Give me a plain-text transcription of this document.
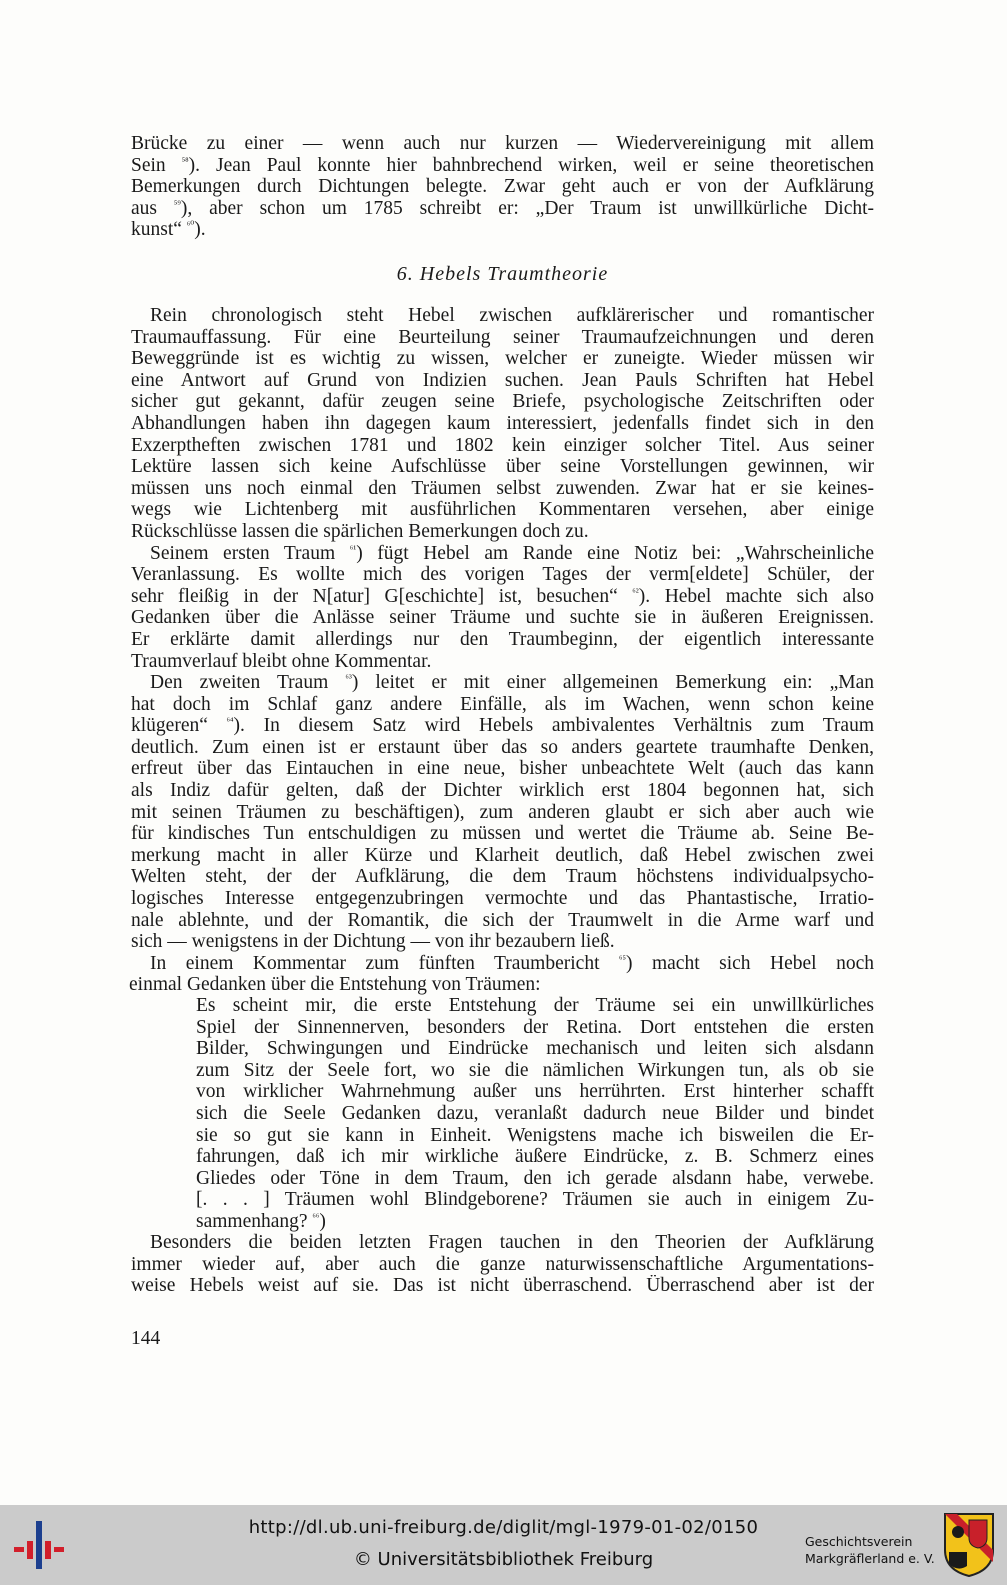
Brücke zu einer — wenn auch nur kurzen — Wiedervereinigung mit allem
Sein $^{^{58}}$). Jean Paul konnte hier bahnbrechend wirken, weil er seine theoretischen
Bemerkungen durch Dichtungen belegte. Zwar geht auch er von der Aufklärung
aus $^{^{59}}$), aber schon um 1785 schreibt er: „Der Traum ist unwillkürliche Dicht-
kunst“ $^{^{60}}$).
6. Hebels Traumtheorie
Rein chronologisch steht Hebel zwischen aufklärerischer und romantischer
Traumauffassung. Für eine Beurteilung seiner Traumaufzeichnungen und deren
Beweggründe ist es wichtig zu wissen, welcher er zuneigte. Wieder müssen wir
eine Antwort auf Grund von Indizien suchen. Jean Pauls Schriften hat Hebel
sicher gut gekannt, dafür zeugen seine Briefe, psychologische Zeitschriften oder
Abhandlungen haben ihn dagegen kaum interessiert, jedenfalls findet sich in den
Exzerptheften zwischen 1781 und 1802 kein einziger solcher Titel. Aus seiner
Lektüre lassen sich keine Aufschlüsse über seine Vorstellungen gewinnen, wir
müssen uns noch einmal den Träumen selbst zuwenden. Zwar hat er sie keines-
wegs wie Lichtenberg mit ausführlichen Kommentaren versehen, aber einige
Rückschlüsse lassen die spärlichen Bemerkungen doch zu.
Seinem ersten Traum $^{^{61}}$) fügt Hebel am Rande eine Notiz bei: „Wahrscheinliche
Veranlassung. Es wollte mich des vorigen Tages der verm[eldete] Schüler, der
sehr fleißig in der N[atur] G[eschichte] ist, besuchen“ $^{^{62}}$). Hebel machte sich also
Gedanken über die Anlässe seiner Träume und suchte sie in äußeren Ereignissen.
Er erklärte damit allerdings nur den Traumbeginn, der eigentlich interessante
Traumverlauf bleibt ohne Kommentar.
Den zweiten Traum $^{^{63}}$) leitet er mit einer allgemeinen Bemerkung ein: „Man
hat doch im Schlaf ganz andere Einfälle, als im Wachen, wenn schon keine
klügeren“ $^{^{64}}$). In diesem Satz wird Hebels ambivalentes Verhältnis zum Traum
deutlich. Zum einen ist er erstaunt über das so anders geartete traumhafte Denken,
erfreut über das Eintauchen in eine neue, bisher unbeachtete Welt (auch das kann
als Indiz dafür gelten, daß der Dichter wirklich erst 1804 begonnen hat, sich
mit seinen Träumen zu beschäftigen), zum anderen glaubt er sich aber auch wie
für kindisches Tun entschuldigen zu müssen und wertet die Träume ab. Seine Be-
merkung macht in aller Kürze und Klarheit deutlich, daß Hebel zwischen zwei
Welten steht, der der Aufklärung, die dem Traum höchstens individualpsycho-
logisches Interesse entgegenzubringen vermochte und das Phantastische, Irratio-
nale ablehnte, und der Romantik, die sich der Traumwelt in die Arme warf und
sich — wenigstens in der Dichtung — von ihr bezaubern ließ.
In einem Kommentar zum fünften Traumbericht $^{^{65}}$) macht sich Hebel noch
einmal Gedanken über die Entstehung von Träumen:
Es scheint mir, die erste Entstehung der Träume sei ein unwillkürliches
Spiel der Sinnennerven, besonders der Retina. Dort entstehen die ersten
Bilder, Schwingungen und Eindrücke mechanisch und leiten sich alsdann
zum Sitz der Seele fort, wo sie die nämlichen Wirkungen tun, als ob sie
von wirklicher Wahrnehmung außer uns herrührten. Erst hinterher schafft
sich die Seele Gedanken dazu, veranlaßt dadurch neue Bilder und bindet
sie so gut sie kann in Einheit. Wenigstens mache ich bisweilen die Er-
fahrungen, daß ich mir wirkliche äußere Eindrücke, z. B. Schmerz eines
Gliedes oder Töne in dem Traum, den ich gerade alsdann habe, verwebe.
[. . . ] Träumen wohl Blindgeborene? Träumen sie auch in einigem Zu-
sammenhang? $^{^{66}}$)
Besonders die beiden letzten Fragen tauchen in den Theorien der Aufklärung
immer wieder auf, aber auch die ganze naturwissenschaftliche Argumentations-
weise Hebels weist auf sie. Das ist nicht überraschend. Überraschend aber ist der
144
http://dl.ub.uni-freiburg.de/diglit/mgl-1979-01-02/0150
© Universitätsbibliothek Freiburg
Geschichtsverein
Markgräflerland e. V.
